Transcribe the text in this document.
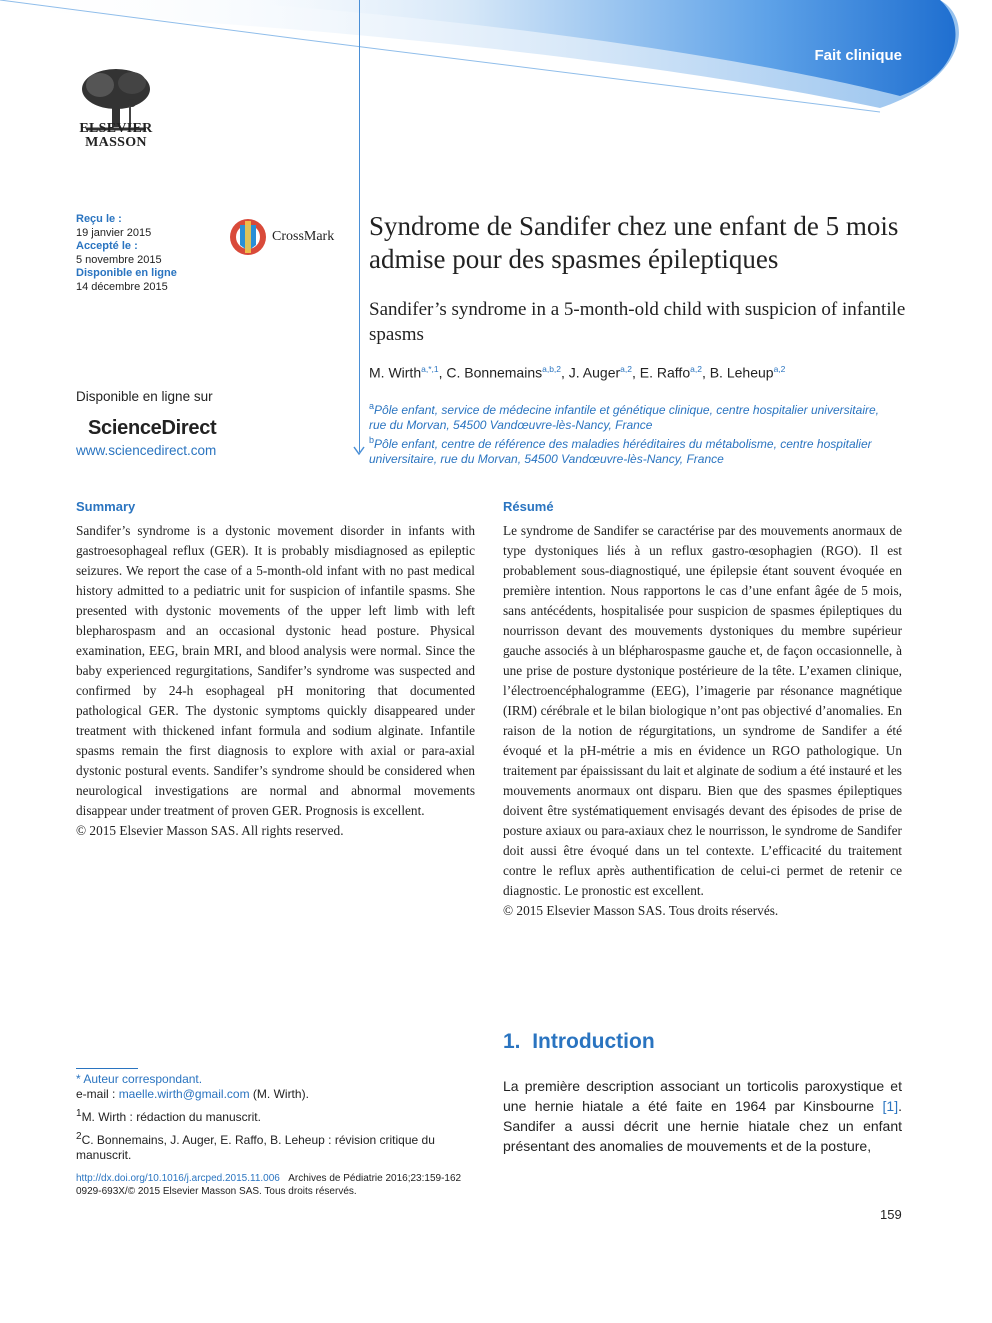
Fait clinique
ELSEVIER
MASSON
Reçu le :
19 janvier 2015
Accepté le :
5 novembre 2015
Disponible en ligne
14 décembre 2015
CrossMark
Disponible en ligne sur
ScienceDirect
www.sciencedirect.com
Syndrome de Sandifer chez une enfant de 5 mois admise pour des spasmes épileptiques
Sandifer’s syndrome in a 5-month-old child with suspicion of infantile spasms
M. Wirth$^{a,*,1}$, C. Bonnemains$^{a,b,2}$, J. Auger$^{a,2}$, E. Raffo$^{a,2}$, B. Leheup$^{a,2}$
$^a$Pôle enfant, service de médecine infantile et génétique clinique, centre hospitalier universitaire, rue du Morvan, 54500 Vandœuvre-lès-Nancy, France
$^b$Pôle enfant, centre de référence des maladies héréditaires du métabolisme, centre hospitalier universitaire, rue du Morvan, 54500 Vandœuvre-lès-Nancy, France
Summary
Sandifer’s syndrome is a dystonic movement disorder in infants with gastroesophageal reflux (GER). It is probably misdiagnosed as epileptic seizures. We report the case of a 5-month-old infant with no past medical history admitted to a pediatric unit for suspicion of infantile spasms. She presented with dystonic movements of the upper left limb with left blepharospasm and an occasional dystonic head posture. Physical examination, EEG, brain MRI, and blood analysis were normal. Since the baby experienced regurgitations, Sandifer’s syndrome was suspected and confirmed by 24-h esophageal pH monitoring that documented pathological GER. The dystonic symptoms quickly disappeared under treatment with thickened infant formula and sodium alginate. Infantile spasms remain the first diagnosis to explore with axial or para-axial dystonic postural events. Sandifer’s syndrome should be considered when neurological investigations are normal and abnormal movements disappear under treatment of proven GER. Prognosis is excellent.
© 2015 Elsevier Masson SAS. All rights reserved.
Résumé
Le syndrome de Sandifer se caractérise par des mouvements anormaux de type dystoniques liés à un reflux gastro-œsophagien (RGO). Il est probablement sous-diagnostiqué, une épilepsie étant souvent évoquée en première intention. Nous rapportons le cas d’une enfant âgée de 5 mois, sans antécédents, hospitalisée pour suspicion de spasmes épileptiques du nourrisson devant des mouvements dystoniques du membre supérieur gauche associés à un blépharospasme gauche et, de façon occasionnelle, à une prise de posture dystonique postérieure de la tête. L’examen clinique, l’électroencéphalogramme (EEG), l’imagerie par résonance magnétique (IRM) cérébrale et le bilan biologique n’ont pas objectivé d’anomalies. En raison de la notion de régurgitations, un syndrome de Sandifer a été évoqué et la pH-métrie a mis en évidence un RGO pathologique. Un traitement par épaississant du lait et alginate de sodium a été instauré et les mouvements anormaux ont disparu. Bien que des spasmes épileptiques doivent être systématiquement envisagés devant des épisodes de prise de posture axiaux ou para-axiaux chez le nourrisson, le syndrome de Sandifer doit aussi être évoqué dans un tel contexte. L’efficacité du traitement contre le reflux après authentification de celui-ci permet de retenir ce diagnostic. Le pronostic est excellent.
© 2015 Elsevier Masson SAS. Tous droits réservés.
1. Introduction
La première description associant un torticolis paroxystique et une hernie hiatale a été faite en 1964 par Kinsbourne [1]. Sandifer a aussi décrit une hernie hiatale chez un enfant présentant des anomalies de mouvements et de la posture,
* Auteur correspondant.
e-mail : maelle.wirth@gmail.com (M. Wirth).
$^1$M. Wirth : rédaction du manuscrit.
$^2$C. Bonnemains, J. Auger, E. Raffo, B. Leheup : révision critique du manuscrit.
http://dx.doi.org/10.1016/j.arcped.2015.11.006 Archives de Pédiatrie 2016;23:159-162
0929-693X/© 2015 Elsevier Masson SAS. Tous droits réservés.
159
